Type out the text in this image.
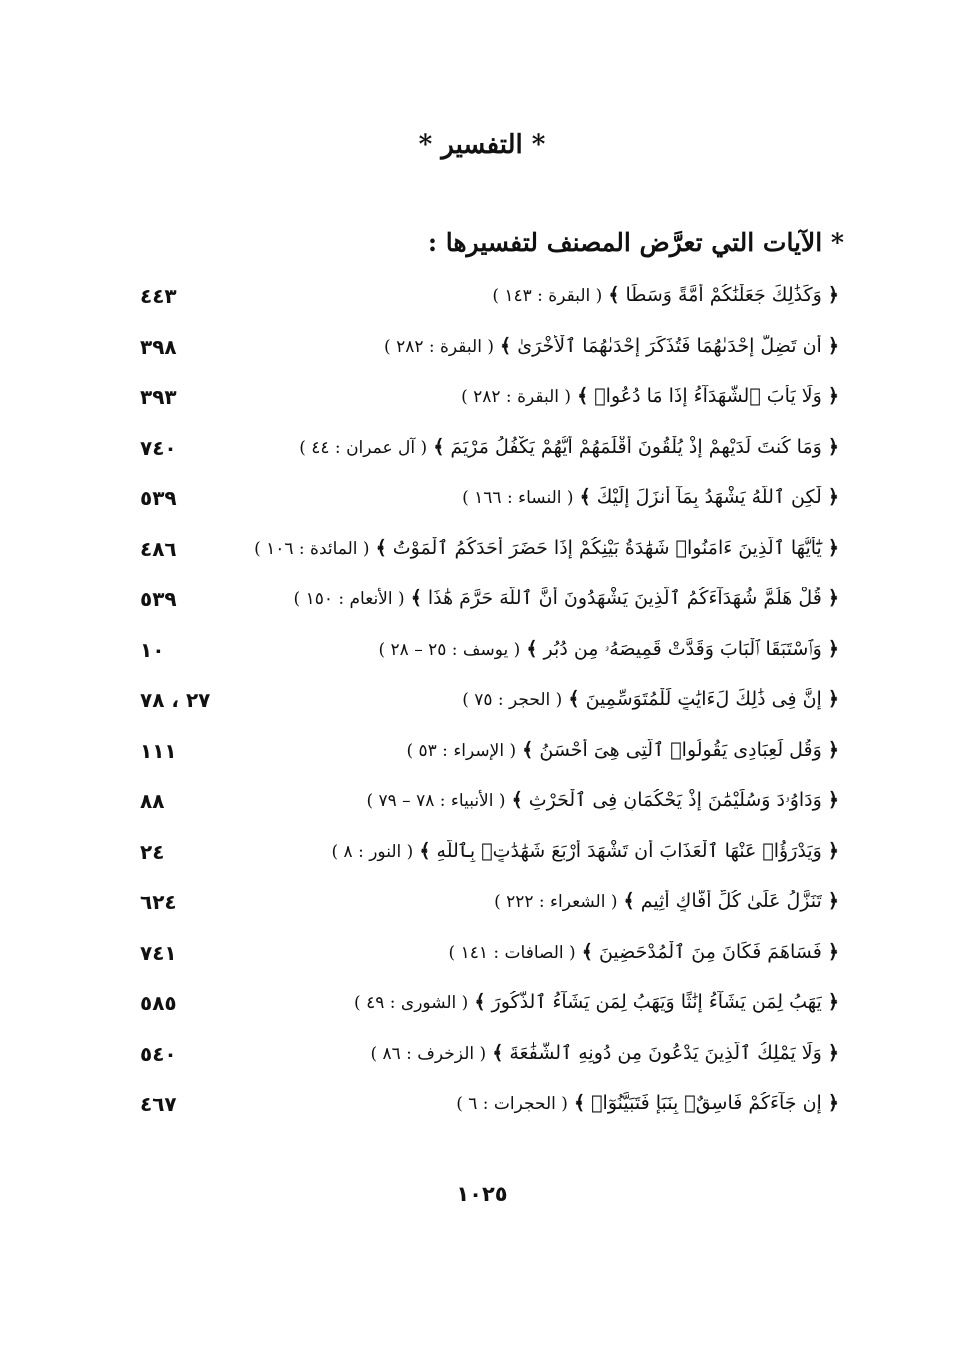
* التفسير *
* الآيات التي تعرَّض المصنف لتفسيرها :
﴿ وَكَذَٰلِكَ جَعَلْنَٰكُمْ أُمَّةً وَسَطًا ﴾ ( البقرة : ١٤٣ )
٤٤٣
﴿ أَن تَضِلَّ إِحْدَىٰهُمَا فَتُذَكِّرَ إِحْدَىٰهُمَا ٱلْأُخْرَىٰ ﴾ ( البقرة : ٢٨٢ )
٣٩٨
﴿ وَلَا يَأْبَ ٱلشُّهَدَآءُ إِذَا مَا دُعُوا۟ ﴾ ( البقرة : ٢٨٢ )
٣٩٣
﴿ وَمَا كُنتَ لَدَيْهِمْ إِذْ يُلْقُونَ أَقْلَٰمَهُمْ أَيُّهُمْ يَكْفُلُ مَرْيَمَ ﴾ ( آل عمران : ٤٤ )
٧٤٠
﴿ لَّٰكِنِ ٱللَّهُ يَشْهَدُ بِمَآ أَنزَلَ إِلَيْكَ ﴾ ( النساء : ١٦٦ )
٥٣٩
﴿ يَٰٓأَيُّهَا ٱلَّذِينَ ءَامَنُوا۟ شَهَٰدَةُ بَيْنِكُمْ إِذَا حَضَرَ أَحَدَكُمُ ٱلْمَوْتُ ﴾ ( المائدة : ١٠٦ )
٤٨٦
﴿ قُلْ هَلُمَّ شُهَدَآءَكُمُ ٱلَّذِينَ يَشْهَدُونَ أَنَّ ٱللَّهَ حَرَّمَ هَٰذَا ﴾ ( الأنعام : ١٥٠ )
٥٣٩
﴿ وَٱسْتَبَقَا ٱلْبَابَ وَقَدَّتْ قَمِيصَهُۥ مِن دُبُرٍ ﴾ ( يوسف : ٢٥ – ٢٨ )
١٠
﴿ إِنَّ فِى ذَٰلِكَ لَءَايَٰتٍ لِّلْمُتَوَسِّمِينَ ﴾ ( الحجر : ٧٥ )
٢٧ ، ٧٨
﴿ وَقُل لِّعِبَادِى يَقُولُوا۟ ٱلَّتِى هِىَ أَحْسَنُ ﴾ ( الإسراء : ٥٣ )
١١١
﴿ وَدَاوُۥدَ وَسُلَيْمَٰنَ إِذْ يَحْكُمَانِ فِى ٱلْحَرْثِ ﴾ ( الأنبياء : ٧٨ – ٧٩ )
٨٨
﴿ وَيَدْرَؤُا۟ عَنْهَا ٱلْعَذَابَ أَن تَشْهَدَ أَرْبَعَ شَهَٰدَٰتٍۭ بِٱللَّهِ ﴾ ( النور : ٨ )
٢٤
﴿ تَنَزَّلُ عَلَىٰ كُلِّ أَفَّاكٍ أَثِيمٍ ﴾ ( الشعراء : ٢٢٢ )
٦٢٤
﴿ فَسَاهَمَ فَكَانَ مِنَ ٱلْمُدْحَضِينَ ﴾ ( الصافات : ١٤١ )
٧٤١
﴿ يَهَبُ لِمَن يَشَآءُ إِنَٰثًا وَيَهَبُ لِمَن يَشَآءُ ٱلذُّكُورَ ﴾ ( الشورى : ٤٩ )
٥٨٥
﴿ وَلَا يَمْلِكُ ٱلَّذِينَ يَدْعُونَ مِن دُونِهِ ٱلشَّفَٰعَةَ ﴾ ( الزخرف : ٨٦ )
٥٤٠
﴿ إِن جَآءَكُمْ فَاسِقٌۢ بِنَبَإٍ فَتَبَيَّنُوٓا۟ ﴾ ( الحجرات : ٦ )
٤٦٧
١٠٢٥
